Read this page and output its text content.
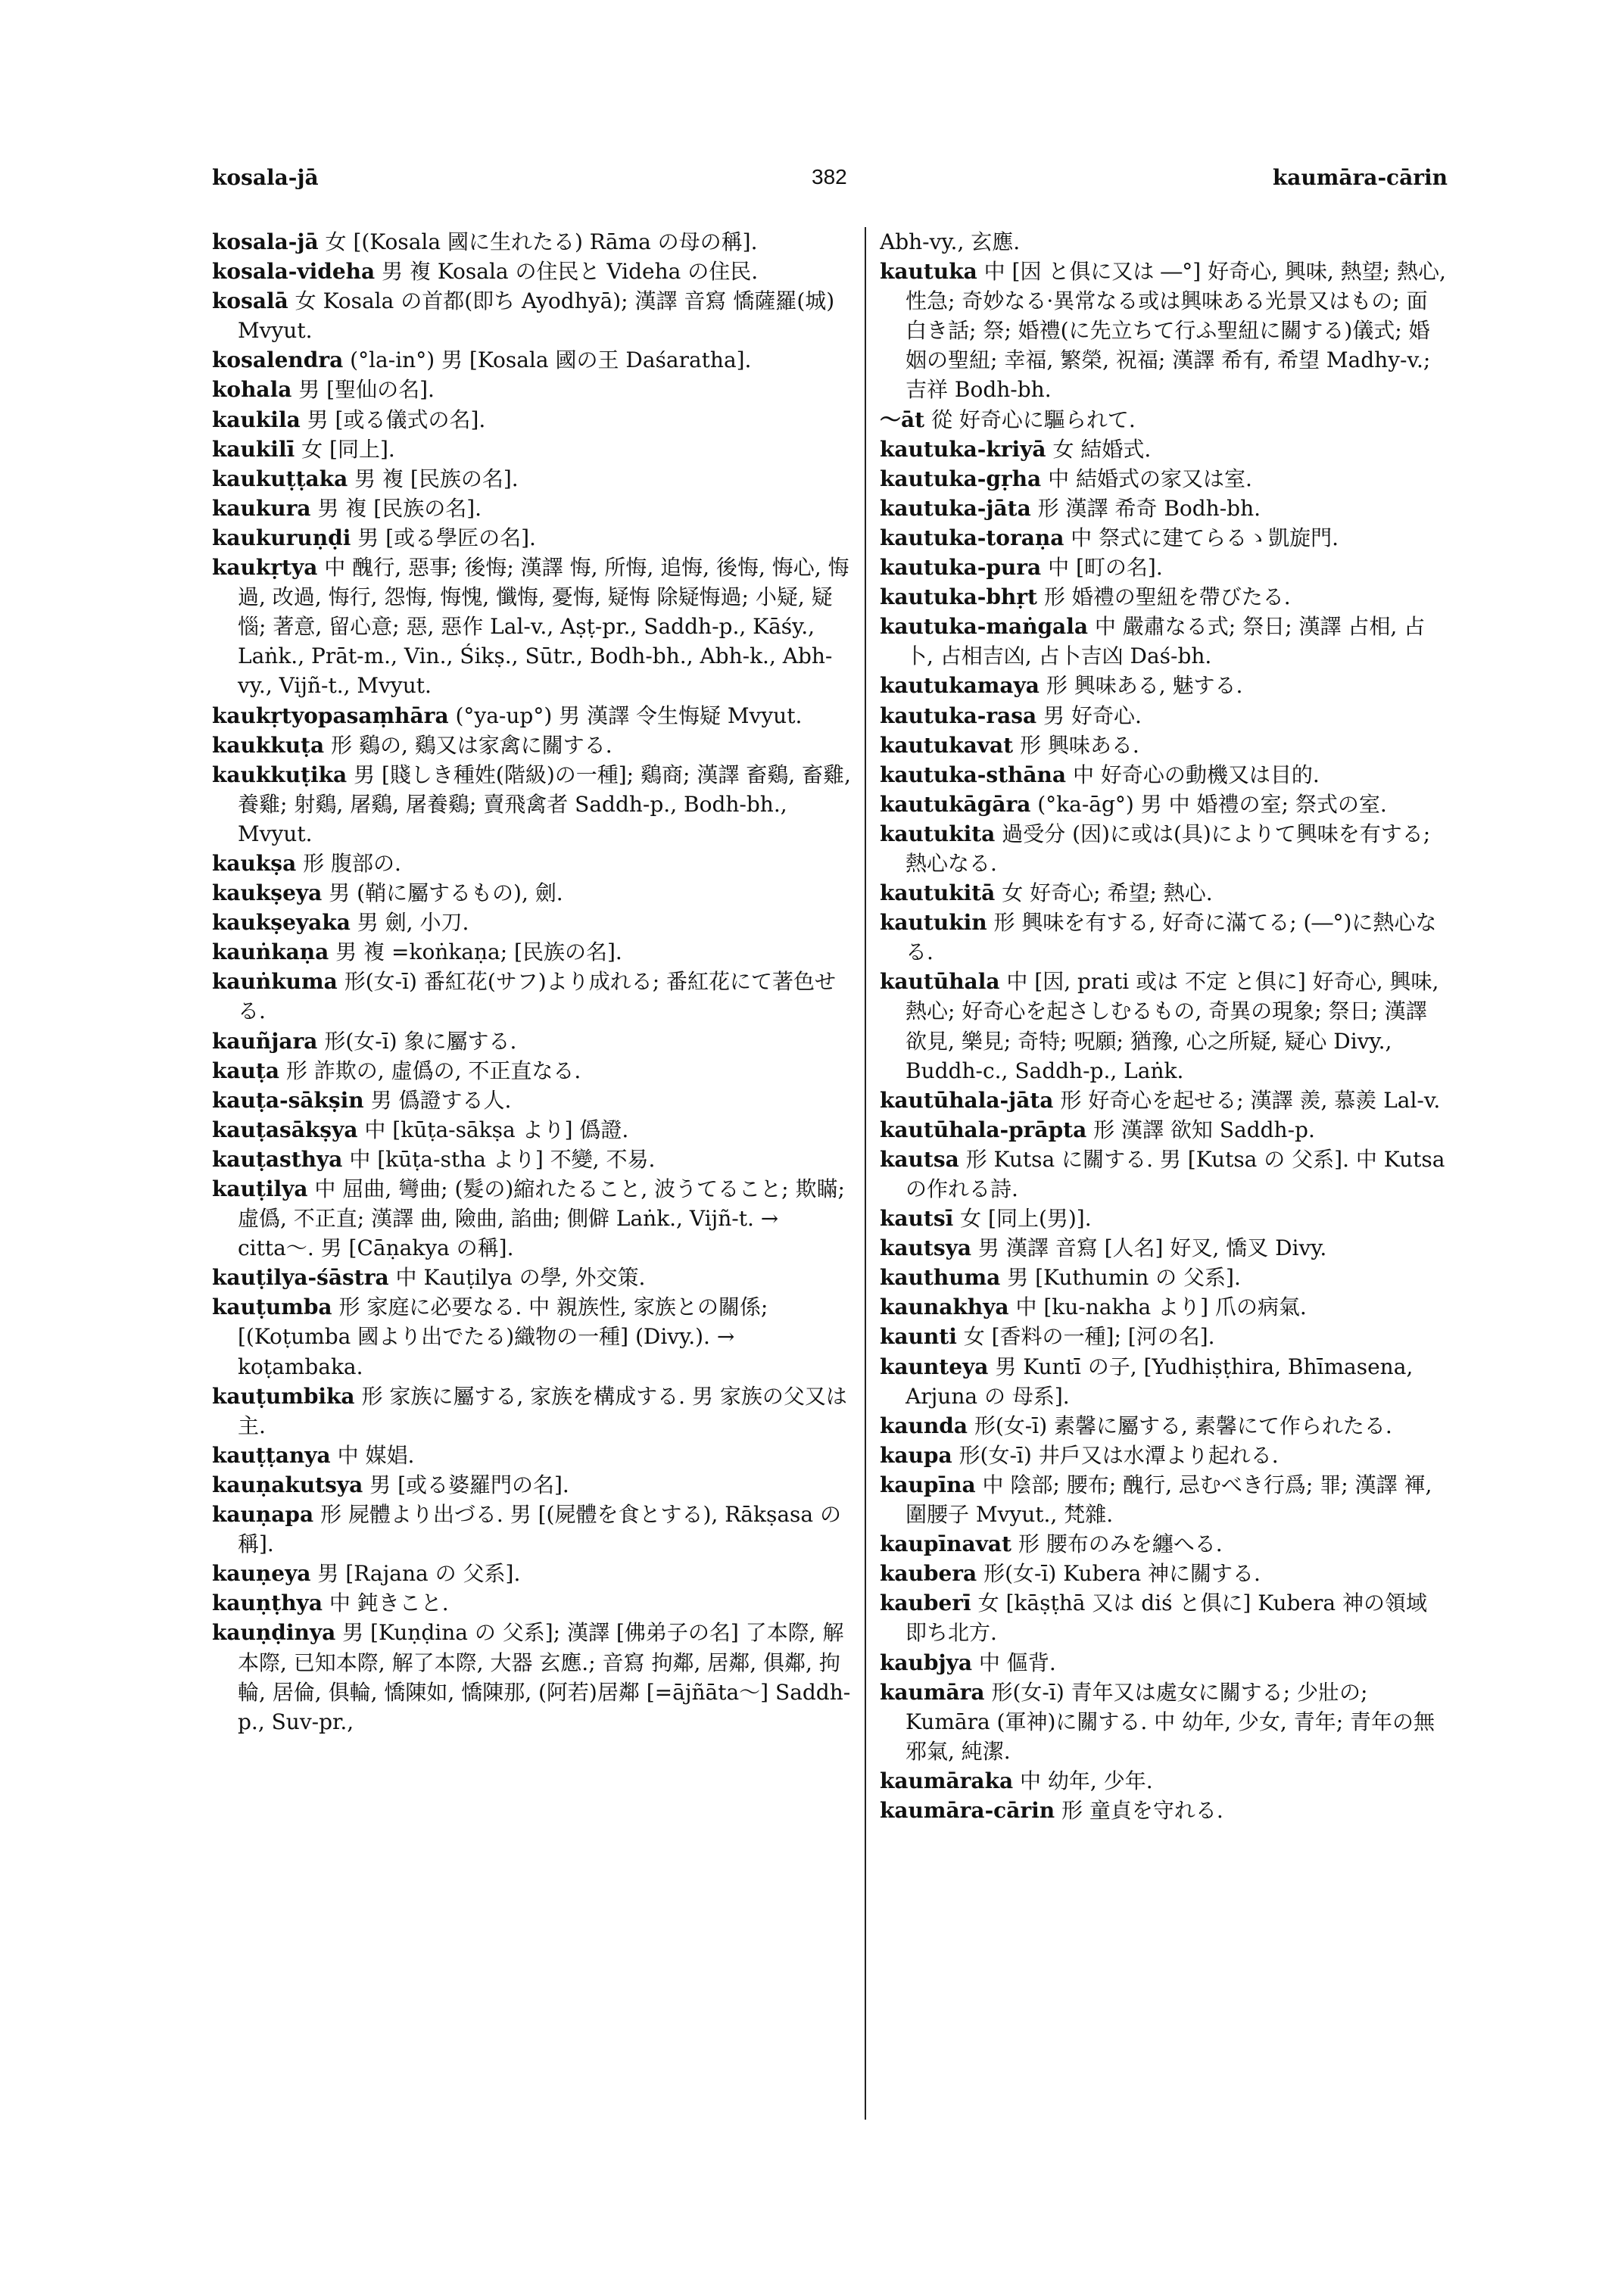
kosala-jā	382	kaumāra-cārin

kosala-jā 女 [(Kosala 國に生れたる) Rāma の母の稱].

kosala-videha 男 複 Kosala の住民と Videha の住民.

kosalā 女 Kosala の首都(即ち Ayodhyā); 漢譯 音寫 憍薩羅(城) Mvyut.

kosalendra (°la-in°) 男 [Kosala 國の王 Daśaratha].

kohala 男 [聖仙の名].

kaukila 男 [或る儀式の名].

kaukilī 女 [同上].

kaukuṭṭaka 男 複 [民族の名].

kaukura 男 複 [民族の名].

kaukuruṇḍi 男 [或る學匠の名].

kaukṛtya 中 醜行, 惡事; 後悔; 漢譯 悔, 所悔, 追悔, 後悔, 悔心, 悔過, 改過, 悔行, 怨悔, 悔愧, 懺悔, 憂悔, 疑悔 除疑悔過; 小疑, 疑惱; 著意, 留心意; 惡, 惡作 Lal-v., Aṣṭ-pr., Saddh-p., Kāśy., Laṅk., Prāt-m., Vin., Śikṣ., Sūtr., Bodh-bh., Abh-k., Abh-vy., Vijñ-t., Mvyut.

kaukṛtyopasaṃhāra (°ya-up°) 男 漢譯 令生悔疑 Mvyut.

kaukkuṭa 形 鷄の, 鷄又は家禽に關する.

kaukkuṭika 男 [賤しき種姓(階級)の一種]; 鷄商; 漢譯 畜鷄, 畜雞, 養雞; 射鷄, 屠鷄, 屠養鷄; 賣飛禽者 Saddh-p., Bodh-bh., Mvyut.

kaukṣa 形 腹部の.

kaukṣeya 男 (鞘に屬するもの), 劍.

kaukṣeyaka 男 劍, 小刀.

kauṅkaṇa 男 複 =koṅkaṇa; [民族の名].

kauṅkuma 形(女-ī) 番紅花(サフ)より成れる; 番紅花にて著色せる.

kauñjara 形(女-ī) 象に屬する.

kauṭa 形 詐欺の, 虛僞の, 不正直なる.

kauṭa-sākṣin 男 僞證する人.

kauṭasākṣya 中 [kūṭa-sākṣa より] 僞證.

kauṭasthya 中 [kūṭa-stha より] 不變, 不易.

kauṭilya 中 屈曲, 彎曲; (髮の)縮れたること, 波うてること; 欺瞞; 虛僞, 不正直; 漢譯 曲, 險曲, 諂曲; 側僻 Laṅk., Vijñ-t. → citta〜. 男 [Cāṇakya の稱].

kauṭilya-śāstra 中 Kauṭilya の學, 外交策.

kauṭumba 形 家庭に必要なる. 中 親族性, 家族との關係; [(Koṭumba 國より出でたる)織物の一種] (Divy.). → koṭambaka.

kauṭumbika 形 家族に屬する, 家族を構成する. 男 家族の父又は主.

kauṭṭanya 中 媒娼.

kauṇakutsya 男 [或る婆羅門の名].

kauṇapa 形 屍體より出づる. 男 [(屍體を食とする), Rākṣasa の稱].

kauṇeya 男 [Rajana の 父系].

kauṇṭhya 中 鈍きこと.

kauṇḍinya 男 [Kuṇḍina の 父系]; 漢譯 [佛弟子の名] 了本際, 解本際, 已知本際, 解了本際, 大器 玄應.; 音寫 拘鄰, 居鄰, 俱鄰, 拘輪, 居倫, 俱輪, 憍陳如, 憍陳那, (阿若)居鄰 [=ājñāta〜] Saddh-p., Suv-pr.,

Abh-vy., 玄應.

kautuka 中 [因 と俱に又は ―°] 好奇心, 興味, 熱望; 熱心, 性急; 奇妙なる·異常なる或は興味ある光景又はもの; 面白き話; 祭; 婚禮(に先立ちて行ふ聖紐に關する)儀式; 婚姻の聖紐; 幸福, 繁榮, 祝福; 漢譯 希有, 希望 Madhy-v.; 吉祥 Bodh-bh.

〜āt 從 好奇心に驅られて.

kautuka-kriyā 女 結婚式.

kautuka-gṛha 中 結婚式の家又は室.

kautuka-jāta 形 漢譯 希奇 Bodh-bh.

kautuka-toraṇa 中 祭式に建てらるゝ凱旋門.

kautuka-pura 中 [町の名].

kautuka-bhṛt 形 婚禮の聖紐を帶びたる.

kautuka-maṅgala 中 嚴肅なる式; 祭日; 漢譯 占相, 占卜, 占相吉凶, 占卜吉凶 Daś-bh.

kautukamaya 形 興味ある, 魅する.

kautuka-rasa 男 好奇心.

kautukavat 形 興味ある.

kautuka-sthāna 中 好奇心の動機又は目的.

kautukāgāra (°ka-āg°) 男 中 婚禮の室; 祭式の室.

kautukita 過受分 (因)に或は(具)によりて興味を有する; 熱心なる.

kautukitā 女 好奇心; 希望; 熱心.

kautukin 形 興味を有する, 好奇に滿てる; (―°)に熱心なる.

kautūhala 中 [因, prati 或は 不定 と俱に] 好奇心, 興味, 熱心; 好奇心を起さしむるもの, 奇異の現象; 祭日; 漢譯 欲見, 樂見; 奇特; 呪願; 猶豫, 心之所疑, 疑心 Divy., Buddh-c., Saddh-p., Laṅk.

kautūhala-jāta 形 好奇心を起せる; 漢譯 羨, 慕羨 Lal-v.

kautūhala-prāpta 形 漢譯 欲知 Saddh-p.

kautsa 形 Kutsa に關する. 男 [Kutsa の 父系]. 中 Kutsa の作れる詩.

kautsī 女 [同上(男)].

kautsya 男 漢譯 音寫 [人名] 好叉, 憍叉 Divy.

kauthuma 男 [Kuthumin の 父系].

kaunakhya 中 [ku-nakha より] 爪の病氣.

kaunti 女 [香料の一種]; [河の名].

kaunteya 男 Kuntī の子, [Yudhiṣṭhira, Bhīmasena, Arjuna の 母系].

kaunda 形(女-ī) 素馨に屬する, 素馨にて作られたる.

kaupa 形(女-ī) 井戶又は水潭より起れる.

kaupīna 中 陰部; 腰布; 醜行, 忌むべき行爲; 罪; 漢譯 褌, 圍腰子 Mvyut., 梵雜.

kaupīnavat 形 腰布のみを纏へる.

kaubera 形(女-ī) Kubera 神に關する.

kauberī 女 [kāṣṭhā 又は diś と俱に] Kubera 神の領域即ち北方.

kaubjya 中 傴背.

kaumāra 形(女-ī) 青年又は處女に關する; 少壯の; Kumāra (軍神)に關する. 中 幼年, 少女, 青年; 青年の無邪氣, 純潔.

kaumāraka 中 幼年, 少年.

kaumāra-cārin 形 童貞を守れる.
